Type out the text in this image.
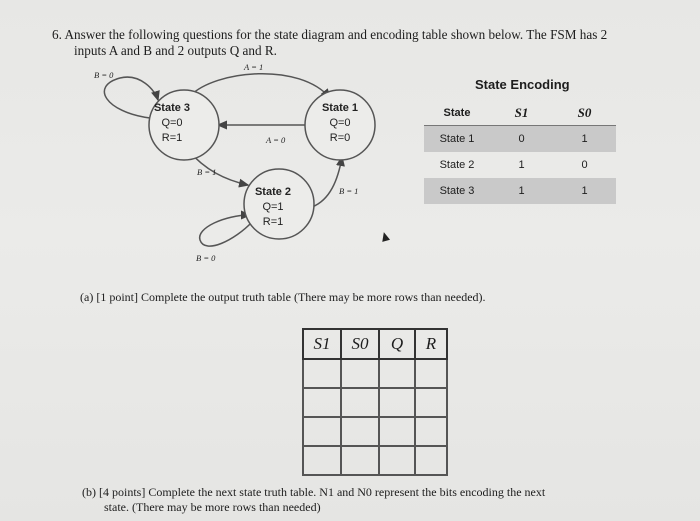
6. Answer the following questions for the state diagram and encoding table shown below. The FSM has 2
inputs A and B and 2 outputs Q and R.
State 3
Q=0
R=1
State 1
Q=0
R=0
State 2
Q=1
R=1
B = 0
A = 1
A = 0
B = 1
B = 1
B = 0
State Encoding
State	S1	S0
State 1	0	1
State 2	1	0
State 3	1	1
(a) [1 point] Complete the output truth table (There may be more rows than needed).
S1	S0	Q	R

(b) [4 points] Complete the next state truth table. N1 and N0 represent the bits encoding the next
state. (There may be more rows than needed)
